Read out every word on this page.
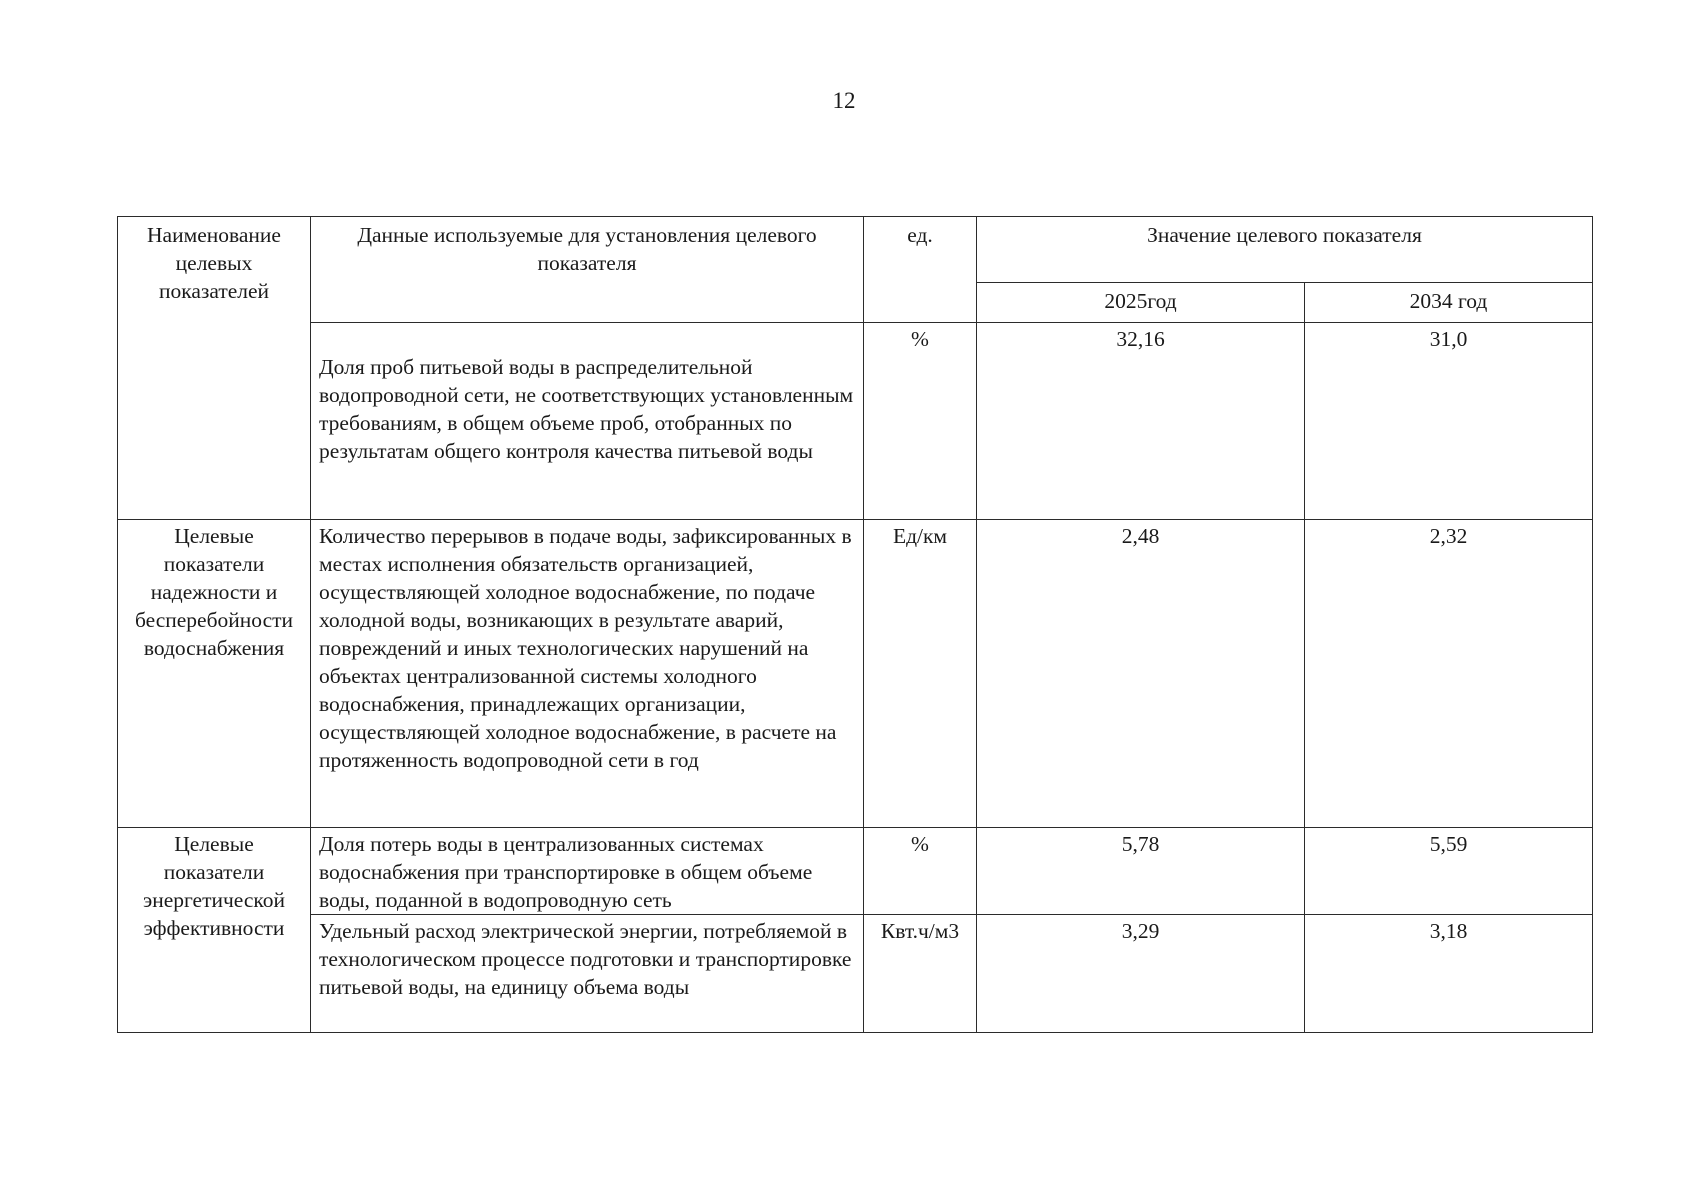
12
Наименование целевых показателей	Данные используемые для установления целевого показателя	ед.	Значение целевого показателя	
			2025год	2034 год

	Доля проб питьевой воды в распределительной водопроводной сети, не соответствующих установленным требованиям, в общем объеме проб, отобранных по результатам общего контроля качества питьевой воды	%	32,16	31,0
Целевые показатели надежности и бесперебойности водоснабжения	Количество перерывов в подаче воды, зафиксированных в местах исполнения обязательств организацией, осуществляющей холодное водоснабжение, по подаче холодной воды, возникающих в результате аварий, повреждений и иных технологических нарушений на объектах централизованной системы холодного водоснабжения, принадлежащих организации, осуществляющей холодное водоснабжение, в расчете на протяженность водопроводной сети в год	Ед/км	2,48	2,32
Целевые показатели энергетической эффективности	Доля потерь воды в централизованных системах водоснабжения при транспортировке в общем объеме воды, поданной в водопроводную сеть	%	5,78	5,59

	Удельный расход электрической энергии, потребляемой в технологическом процессе подготовки и транспортировке питьевой воды, на единицу объема воды	Квт.ч/м3	3,29	3,18
